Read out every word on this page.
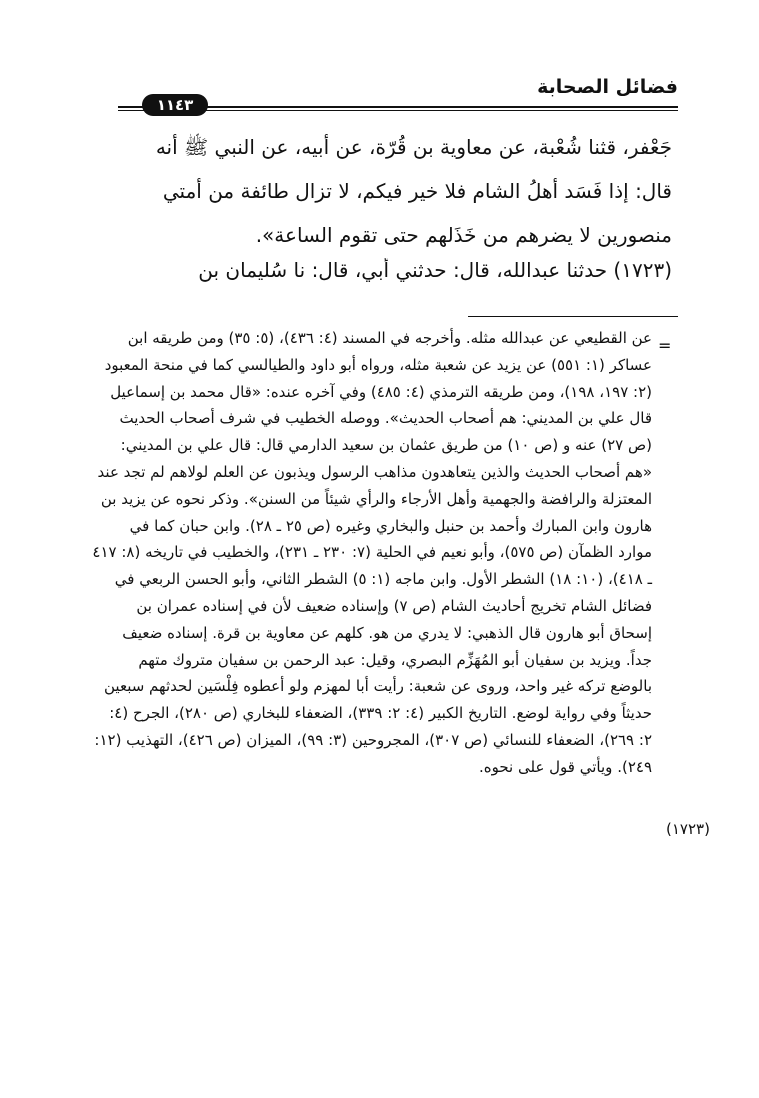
فضائل الصحابة
١١٤٣
جَعْفر، قثنا شُعْبة، عن معاوية بن قُرّة، عن أبيه، عن النبي ﷺ أنه
قال: إذا فَسَد أهلُ الشام فلا خير فيكم، لا تزال طائفة من أمتي
منصورين لا يضرهم من خَذَلهم حتى تقوم الساعة».
(١٧٢٣) حدثنا عبدالله، قال: حدثني أبي، قال: نا سُليمان بن
=
(١٧٢٣)
عن القطيعي عن عبدالله مثله. وأخرجه في المسند (٤: ٤٣٦)، (٥: ٣٥) ومن طريقه ابن عساكر (١: ٥٥١) عن يزيد عن شعبة مثله، ورواه أبو داود والطيالسي كما في منحة المعبود (٢: ١٩٧، ١٩٨)، ومن طريقه الترمذي (٤: ٤٨٥) وفي آخره عنده: «قال محمد بن إسماعيل قال علي بن المديني: هم أصحاب الحديث». ووصله الخطيب في شرف أصحاب الحديث (ص ٢٧) عنه و (ص ١٠) من طريق عثمان بن سعيد الدارمي قال: قال علي بن المديني: «هم أصحاب الحديث والذين يتعاهدون مذاهب الرسول ويذبون عن العلم لولاهم لم تجد عند المعتزلة والرافضة والجهمية وأهل الأرجاء والرأي شيئاً من السنن». وذكر نحوه عن يزيد بن هارون وابن المبارك وأحمد بن حنبل والبخاري وغيره (ص ٢٥ ـ ٢٨). وابن حبان كما في موارد الظمآن (ص ٥٧٥)، وأبو نعيم في الحلية (٧: ٢٣٠ ـ ٢٣١)، والخطيب في تاريخه (٨: ٤١٧ ـ ٤١٨)، (١٠: ١٨) الشطر الأول. وابن ماجه (١: ٥) الشطر الثاني، وأبو الحسن الربعي في فضائل الشام تخريج أحاديث الشام (ص ٧) وإسناده ضعيف لأن في إسناده عمران بن إسحاق أبو هارون قال الذهبي: لا يدري من هو. كلهم عن معاوية بن قرة. إسناده ضعيف جداً. ويزيد بن سفيان أبو المُهَزِّم البصري، وقيل: عبد الرحمن بن سفيان متروك متهم بالوضع تركه غير واحد، وروى عن شعبة: رأيت أبا لمهزم ولو أعطوه فِلْسَين لحدثهم سبعين حديثاً وفي رواية لوضع. التاريخ الكبير (٤: ٢: ٣٣٩)، الضعفاء للبخاري (ص ٢٨٠)، الجرح (٤: ٢: ٢٦٩)، الضعفاء للنسائي (ص ٣٠٧)، المجروحين (٣: ٩٩)، الميزان (ص ٤٢٦)، التهذيب (١٢: ٢٤٩). ويأتي قول على نحوه.
